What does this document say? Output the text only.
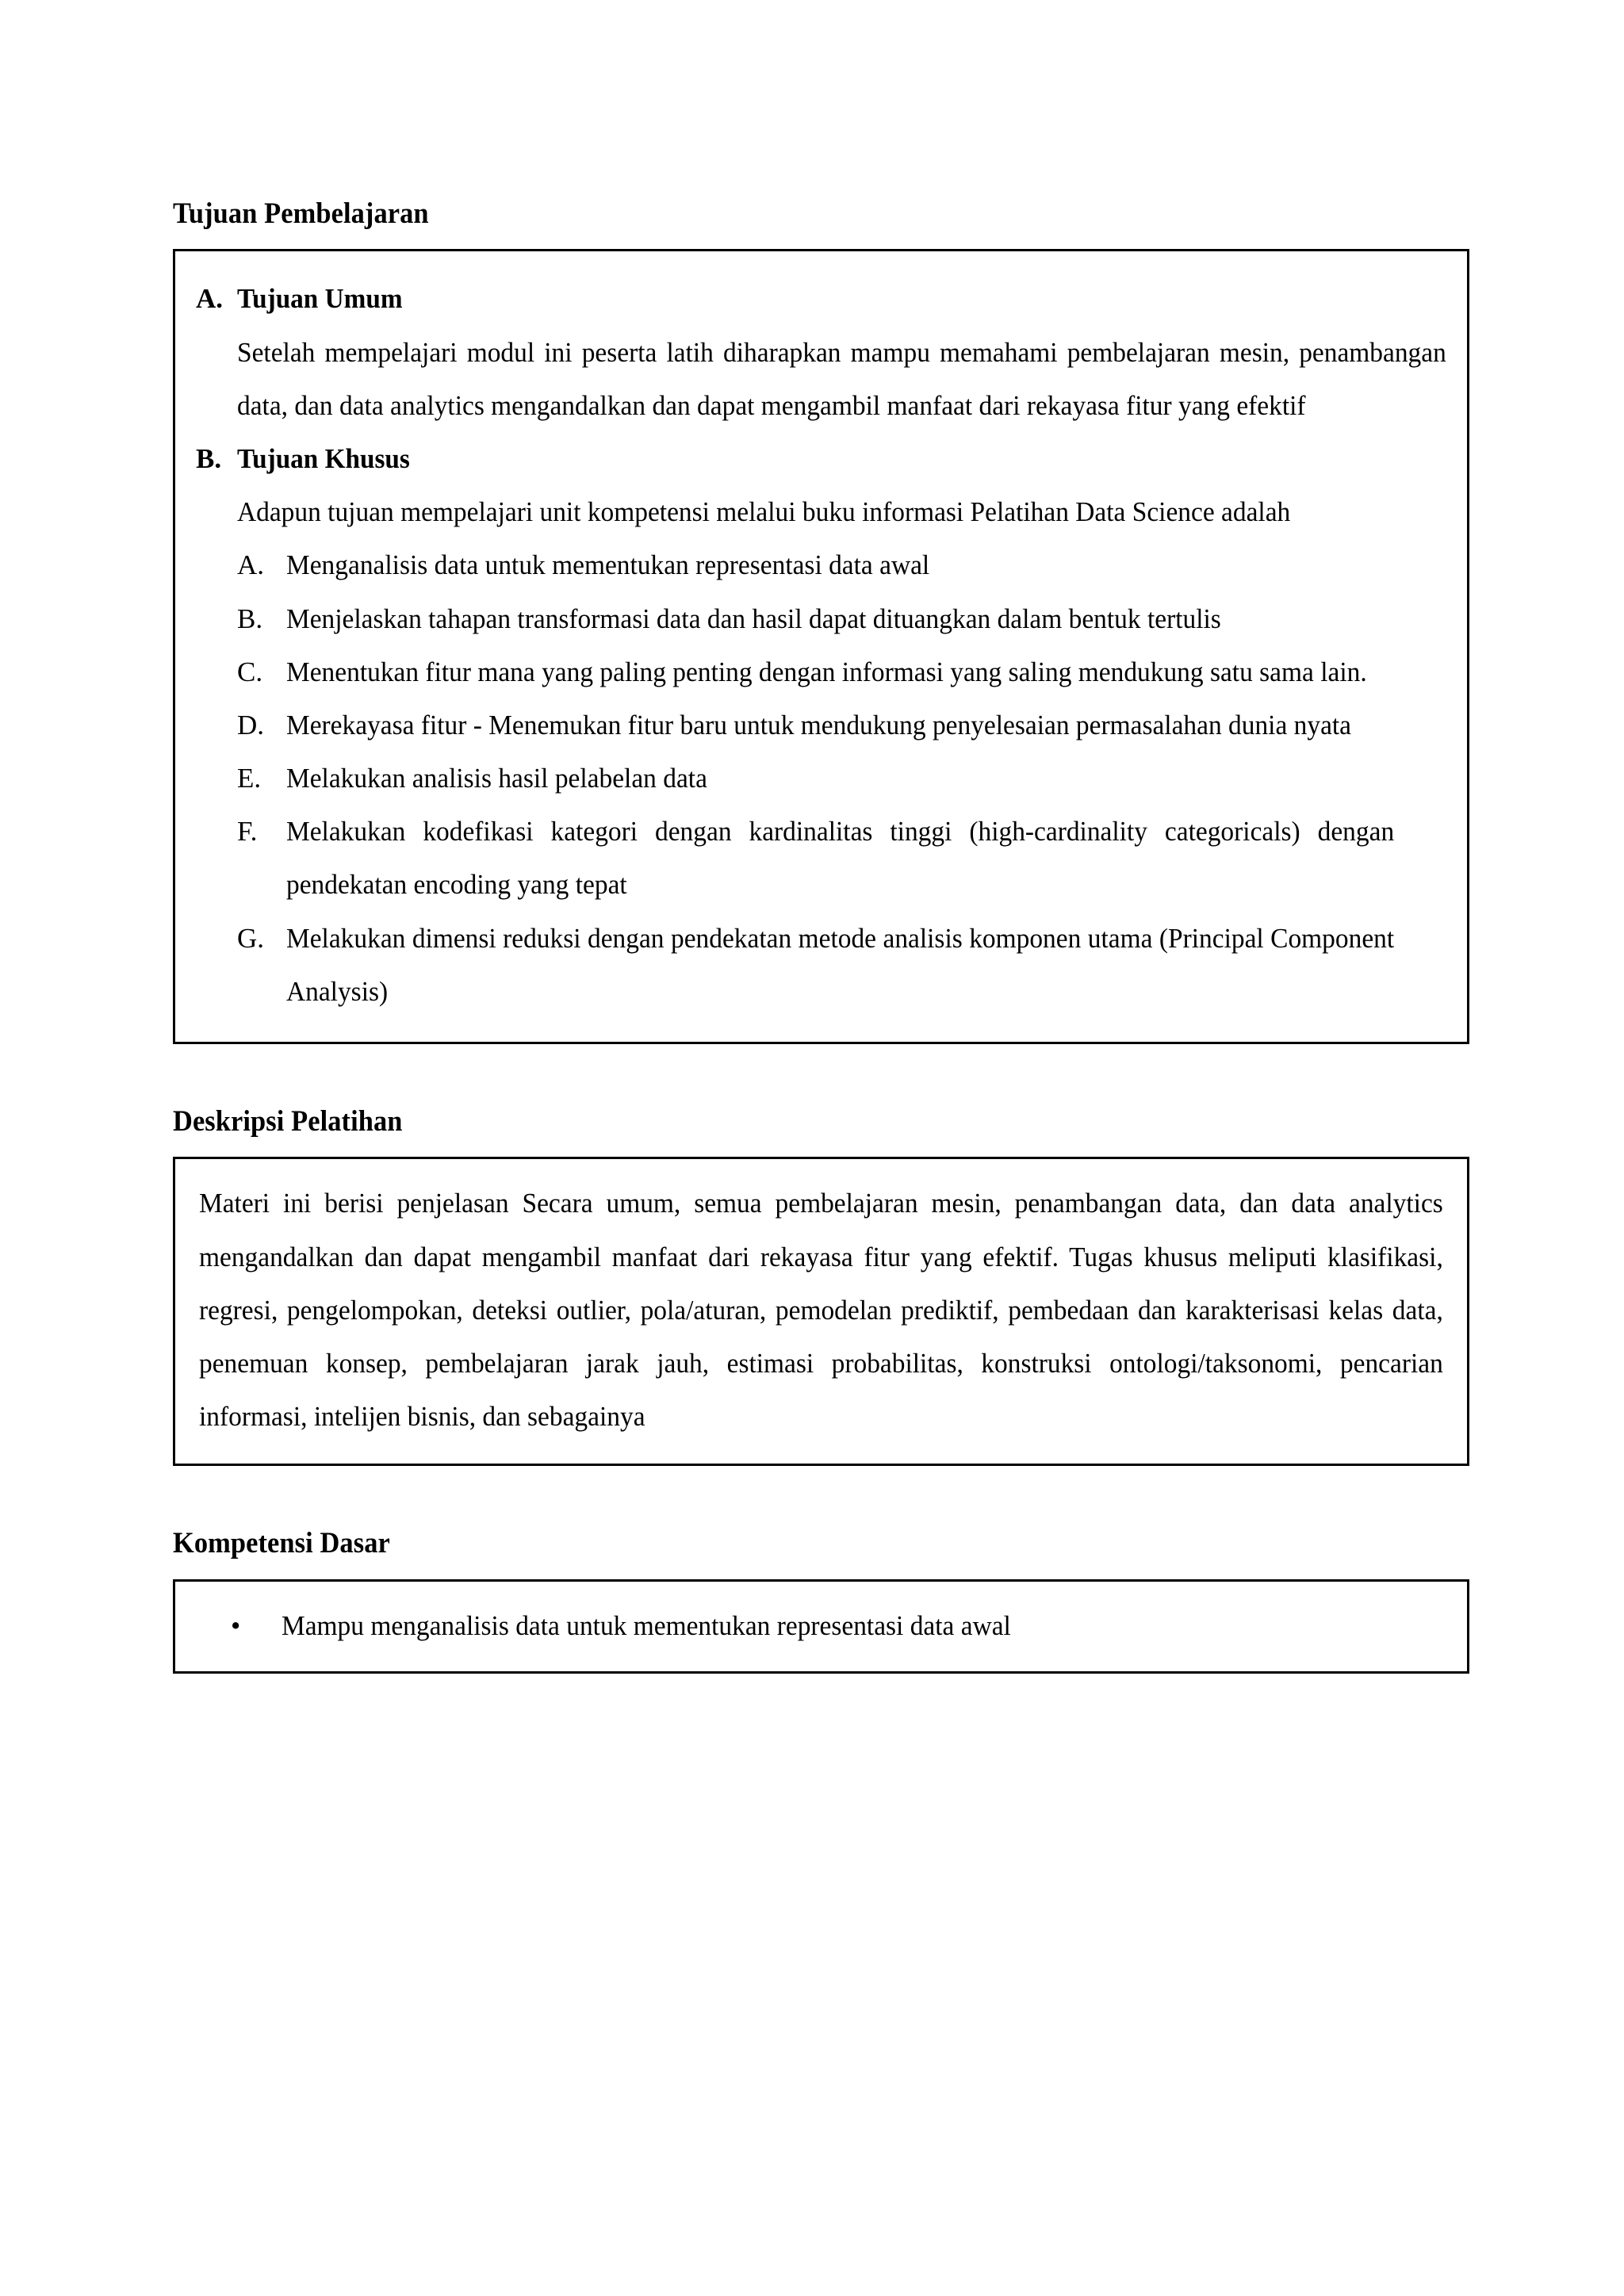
Tujuan Pembelajaran
A. Tujuan Umum

Setelah mempelajari modul ini peserta latih diharapkan mampu memahami pembelajaran mesin, penambangan data, dan data analytics mengandalkan dan dapat mengambil manfaat dari rekayasa fitur yang efektif

B. Tujuan Khusus

Adapun tujuan mempelajari unit kompetensi melalui buku informasi Pelatihan Data Science adalah

A. Menganalisis data untuk mementukan representasi data awal
B. Menjelaskan tahapan transformasi data dan hasil dapat dituangkan dalam bentuk tertulis
C. Menentukan fitur mana yang paling penting dengan informasi yang saling mendukung satu sama lain.
D. Merekayasa fitur - Menemukan fitur baru untuk mendukung penyelesaian permasalahan dunia nyata
E. Melakukan analisis hasil pelabelan data
F.	Melakukan kodefikasi kategori dengan kardinalitas tinggi (high-cardinality categoricals) dengan pendekatan encoding yang tepat
G. Melakukan dimensi reduksi dengan pendekatan metode analisis komponen utama (Principal Component Analysis)
Deskripsi Pelatihan

Materi ini berisi penjelasan Secara umum, semua pembelajaran mesin, penambangan data, dan data analytics mengandalkan dan dapat mengambil manfaat dari rekayasa fitur yang efektif. Tugas khusus meliputi klasifikasi, regresi, pengelompokan, deteksi outlier, pola/aturan, pemodelan prediktif, pembedaan dan karakterisasi kelas data, penemuan konsep, pembelajaran jarak jauh, estimasi probabilitas, konstruksi ontologi/taksonomi, pencarian informasi, intelijen bisnis, dan sebagainya

Kompetensi Dasar
•	Mampu menganalisis data untuk mementukan representasi data awal
